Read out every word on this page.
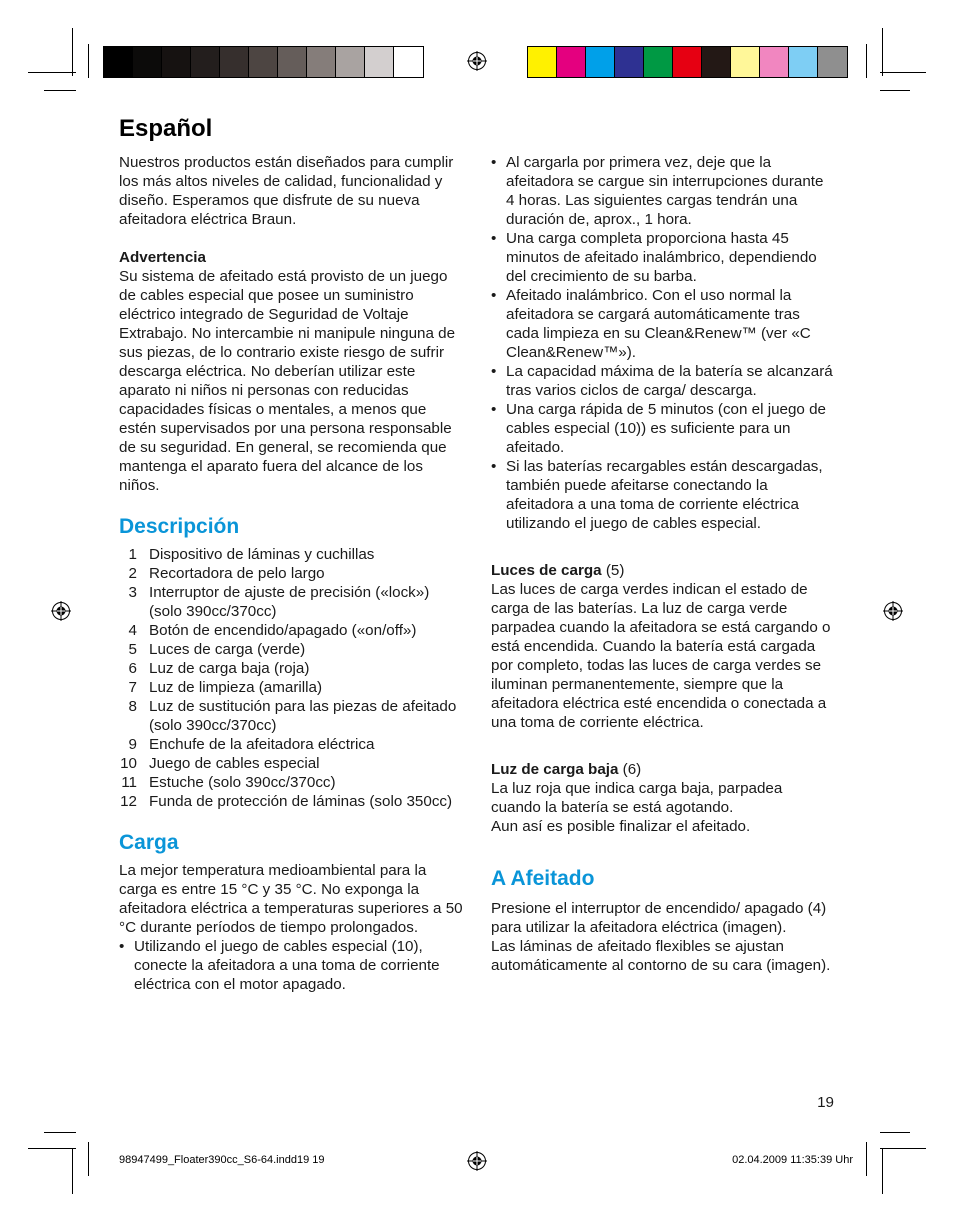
Español
Nuestros productos están diseñados para cumplir los más altos niveles de calidad, funcionalidad y diseño. Esperamos que disfrute de su nueva afeitadora eléctrica Braun.
Advertencia
Su sistema de afeitado está provisto de un juego de cables especial que posee un suministro eléctrico integrado de Seguridad de Voltaje Extrabajo. No intercambie ni manipule ninguna de sus piezas, de lo contrario existe riesgo de sufrir descarga eléctrica. No deberían utilizar este aparato ni niños ni personas con reducidas capacidades físicas o mentales, a menos que estén supervisados por una persona responsable de su seguridad. En general, se recomienda que mantenga el aparato fuera del alcance de los niños.
Descripción
1 Dispositivo de láminas y cuchillas
2 Recortadora de pelo largo
3 Interruptor de ajuste de precisión («lock») (solo 390cc/370cc)
4 Botón de encendido/apagado («on/off»)
5 Luces de carga (verde)
6 Luz de carga baja (roja)
7 Luz de limpieza (amarilla)
8 Luz de sustitución para las piezas de afeitado (solo 390cc/370cc)
9 Enchufe de la afeitadora eléctrica
10 Juego de cables especial
11 Estuche (solo 390cc/370cc)
12 Funda de protección de láminas (solo 350cc)
Carga
La mejor temperatura medioambiental para la carga es entre 15 °C y 35 °C. No exponga la afeitadora eléctrica a temperaturas superiores a 50 °C durante períodos de tiempo prolongados.
• Utilizando el juego de cables especial (10), conecte la afeitadora a una toma de corriente eléctrica con el motor apagado.
• Al cargarla por primera vez, deje que la afeitadora se cargue sin interrupciones durante 4 horas. Las siguientes cargas tendrán una duración de, aprox., 1 hora.
• Una carga completa proporciona hasta 45 minutos de afeitado inalámbrico, dependiendo del crecimiento de su barba.
• Afeitado inalámbrico. Con el uso normal la afeitadora se cargará automáticamente tras cada limpieza en su Clean&Renew™ (ver «C Clean&Renew™»).
• La capacidad máxima de la batería se alcanzará tras varios ciclos de carga/ descarga.
• Una carga rápida de 5 minutos (con el juego de cables especial (10)) es suficiente para un afeitado.
• Si las baterías recargables están descargadas, también puede afeitarse conectando la afeitadora a una toma de corriente eléctrica utilizando el juego de cables especial.
Luces de carga (5)
Las luces de carga verdes indican el estado de carga de las baterías. La luz de carga verde parpadea cuando la afeitadora se está cargando o está encendida. Cuando la batería está cargada por completo, todas las luces de carga verdes se iluminan permanentemente, siempre que la afeitadora eléctrica esté encendida o conectada a una toma de corriente eléctrica.
Luz de carga baja (6)
La luz roja que indica carga baja, parpadea cuando la batería se está agotando.
Aun así es posible finalizar el afeitado.
A Afeitado
Presione el interruptor de encendido/ apagado (4) para utilizar la afeitadora eléctrica (imagen).
Las láminas de afeitado flexibles se ajustan automáticamente al contorno de su cara (imagen).
19
98947499_Floater390cc_S6-64.indd19 19	02.04.2009 11:35:39 Uhr
